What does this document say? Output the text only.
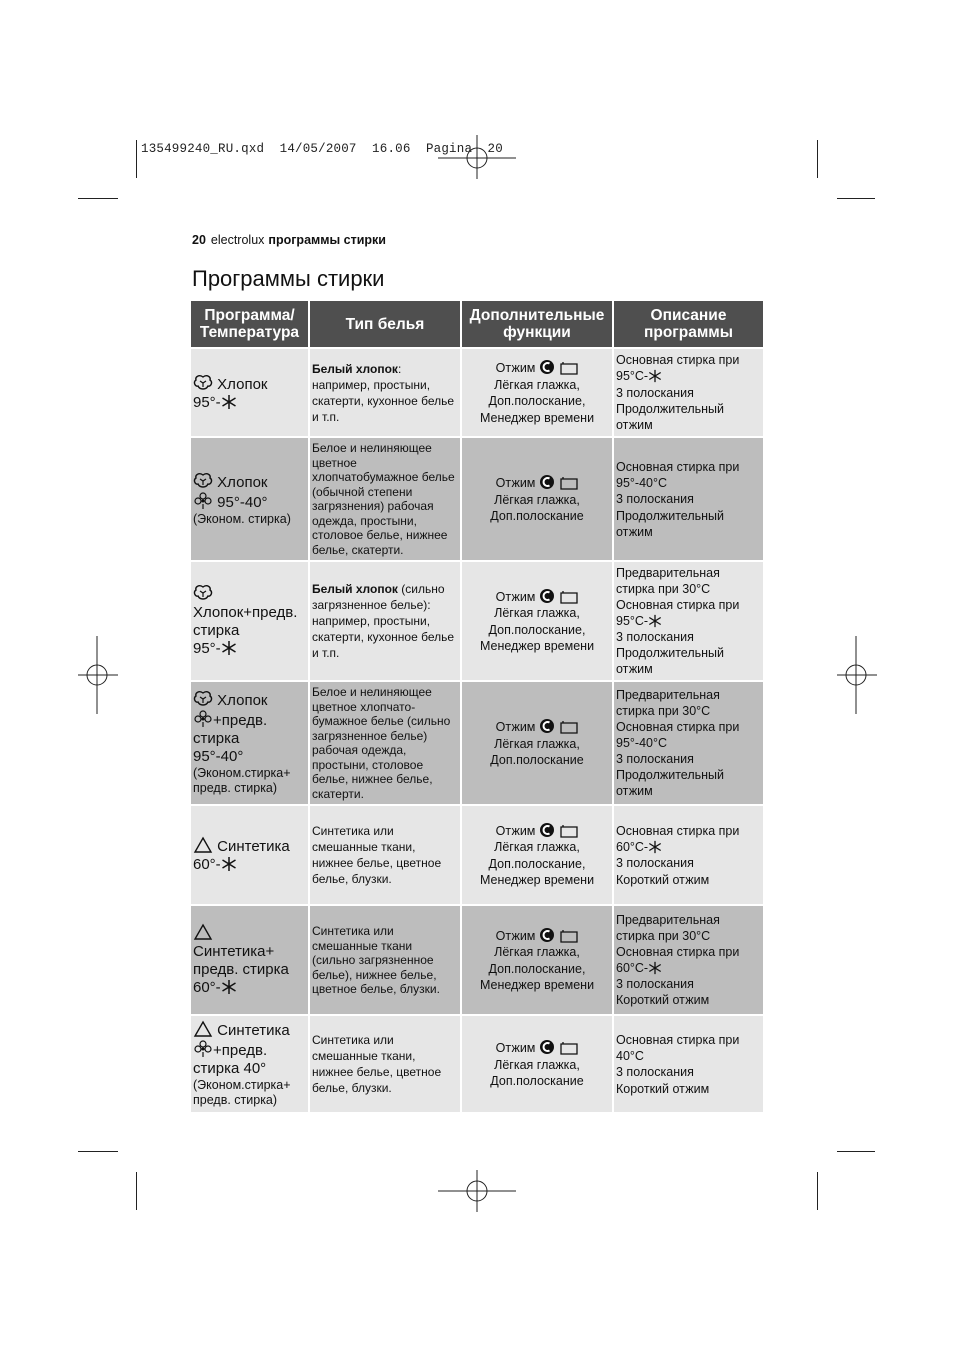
135499240_RU.qxd  14/05/2007  16.06  Pagina  20
20 electrolux программы стирки
Программы стирки
Программа/ Температура	Тип белья	Дополнительные функции	Описание программы

Хлопок
95°-	Белый хлопок: например, простыни, скатерти, кухонное белье и т.п.	Отжим
Лёгкая глажка,
Доп.полоскание,
Менеджер времени	Основная стирка при 95°C-
3 полоскания
Продолжительный отжим

Хлопок
95°-40°
(Эконом. стирка)	Белое и нелиняющее цветное хлопчатобумажное белье (обычной степени загрязнения) рабочая одежда, простыни, столовое белье, нижнее белье, скатерти.	Отжим
Лёгкая глажка,
Доп.полоскание	Основная стирка при 95°-40°C
3 полоскания
Продолжительный отжим

Хлопок+предв. стирка
95°-	Белый хлопок (сильно загрязненное белье): например, простыни, скатерти, кухонное белье и т.п.	Отжим
Лёгкая глажка,
Доп.полоскание,
Менеджер времени	Предварительная стирка при 30°C
Основная стирка при 95°C-
3 полоскания
Продолжительный отжим

Хлопок
+предв. стирка
95°-40°
(Эконом.стирка+ предв. стирка)	Белое и нелиняющее цветное хлопчато-бумажное белье (сильно загрязненное белье) рабочая одежда, простыни, столовое белье, нижнее белье, скатерти.	Отжим
Лёгкая глажка,
Доп.полоскание	Предварительная стирка при 30°C
Основная стирка при 95°-40°C
3 полоскания
Продолжительный отжим

Синтетика
60°-	Синтетика или смешанные ткани, нижнее белье, цветное белье, блузки.	Отжим
Лёгкая глажка,
Доп.полоскание,
Менеджер времени	Основная стирка при 60°C-
3 полоскания
Короткий отжим

Синтетика+ предв. стирка
60°-	Синтетика или смешанные ткани (сильно загрязненное белье), нижнее белье, цветное белье, блузки.	Отжим
Лёгкая глажка,
Доп.полоскание,
Менеджер времени	Предварительная стирка при 30°C
Основная стирка при 60°C-
3 полоскания
Короткий отжим

Синтетика
+предв. стирка 40°
(Эконом.стирка+ предв. стирка)	Синтетика или смешанные ткани, нижнее белье, цветное белье, блузки.	Отжим
Лёгкая глажка,
Доп.полоскание	Основная стирка при 40°C
3 полоскания
Короткий отжим
